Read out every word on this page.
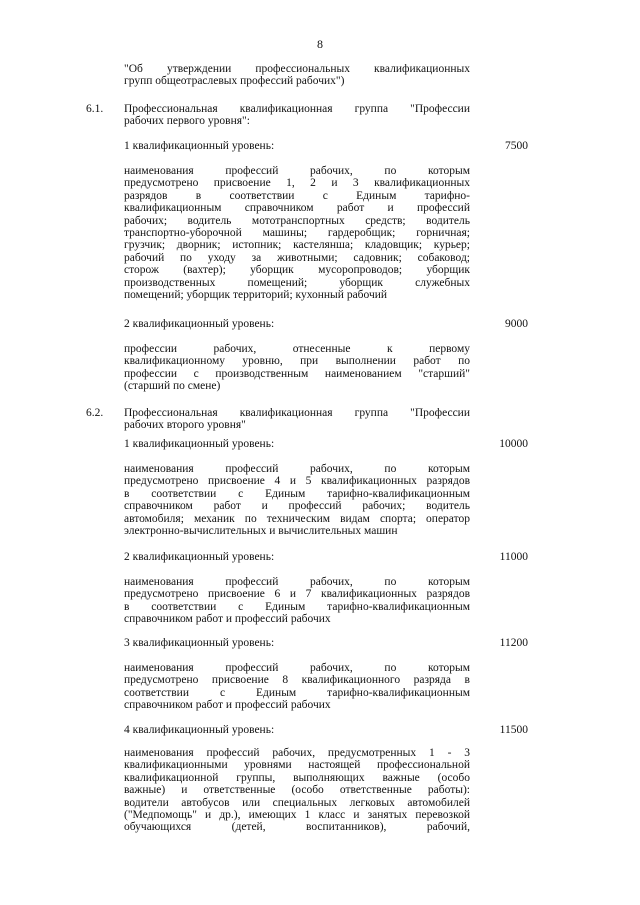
8
"Об утверждении профессиональных квалификационных
групп общеотраслевых профессий рабочих")
6.1. Профессиональная квалификационная группа "Профессии
рабочих первого уровня":
1 квалификационный уровень:	7500
наименования профессий рабочих, по которым
предусмотрено присвоение 1, 2 и 3 квалификационных
разрядов в соответствии с Единым тарифно-
квалификационным справочником работ и профессий
рабочих; водитель мототранспортных средств; водитель
транспортно-уборочной машины; гардеробщик; горничная;
грузчик; дворник; истопник; кастелянша; кладовщик; курьер;
рабочий по уходу за животными; садовник; собаковод;
сторож (вахтер); уборщик мусоропроводов; уборщик
производственных помещений; уборщик служебных
помещений; уборщик территорий; кухонный рабочий
2 квалификационный уровень:	9000
профессии рабочих, отнесенные к первому
квалификационному уровню, при выполнении работ по
профессии с производственным наименованием "старший"
(старший по смене)
6.2. Профессиональная квалификационная группа "Профессии
рабочих второго уровня"
1 квалификационный уровень:	10000
наименования профессий рабочих, по которым
предусмотрено присвоение 4 и 5 квалификационных разрядов
в соответствии с Единым тарифно-квалификационным
справочником работ и профессий рабочих; водитель
автомобиля; механик по техническим видам спорта; оператор
электронно-вычислительных и вычислительных машин
2 квалификационный уровень:	11000
наименования профессий рабочих, по которым
предусмотрено присвоение 6 и 7 квалификационных разрядов
в соответствии с Единым тарифно-квалификационным
справочником работ и профессий рабочих
3 квалификационный уровень:	11200
наименования профессий рабочих, по которым
предусмотрено присвоение 8 квалификационного разряда в
соответствии с Единым тарифно-квалификационным
справочником работ и профессий рабочих
4 квалификационный уровень:	11500
наименования профессий рабочих, предусмотренных 1 - 3
квалификационными уровнями настоящей профессиональной
квалификационной группы, выполняющих важные (особо
важные) и ответственные (особо ответственные работы):
водители автобусов или специальных легковых автомобилей
("Медпомощь" и др.), имеющих 1 класс и занятых перевозкой
обучающихся (детей, воспитанников), рабочий,
